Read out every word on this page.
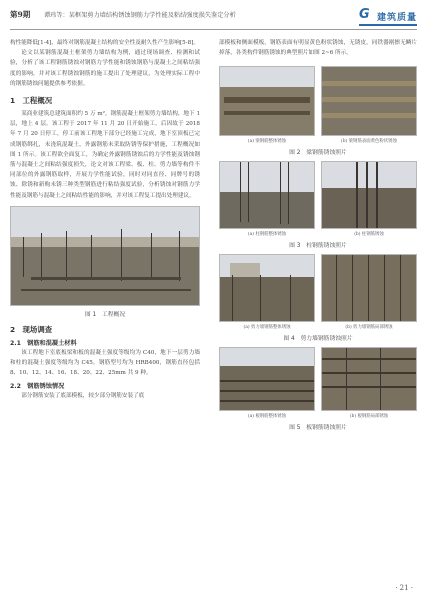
第9期 谭玮等：某框架剪力墙结构锈蚀钢筋力学性能及粘结强度损失鉴定分析	G 建筑质量

构性能降低[1-4]，最终对钢筋混凝土结构的安全性及耐久性产生影响[5-8]。

论文以某钢筋混凝土框架剪力墙结构为例，通过现场调查、检测和试验，分析了该工程钢筋锈蚀对钢筋力学性能和锈蚀钢筋与混凝土之间粘结强度的影响，并对该工程锈蚀钢筋的施工提出了处理建议，为处理实际工程中的钢筋锈蚀问题提供参考依据。

1　工程概况

某商业建筑总建筑面积约 5 万 m²，钢筋混凝土框架剪力墙结构，地下 1 层，地上 4 层。该工程于 2017 年 11 月 20 日开始施工，后因故于 2018 年 7 月 20 日停工，停工前该工程地下部分已经施工完成，地下室顶板已完成钢筋绑扎，未浇筑混凝土，外露钢筋未采取防锈等保护措施，工程概况如图 1 所示。该工程欲全面复工，为确定外露钢筋锈蚀后的力学性能及锈蚀钢筋与混凝土之间粘结强度损失，论文对该工程梁、板、柱、剪力墙等构件不同部位的外露钢筋取样，开展力学性能试验，同时对同直径、同牌号的锈蚀、除锈和新购未锈三种类型钢筋进行粘结强度试验，分析锈蚀对钢筋力学性能及钢筋与混凝土之间粘结性能的影响，并对该工程复工提出处理建议。

图 1　工程概况
2　现场调查
2.1　钢筋和混凝土材料

该工程地下室底板梁和板的混凝土强度等级均为 C40，地下一层剪力墙和柱的混凝土强度等级均为 C45，钢筋型号均为 HRB400，钢筋直径包括 8、10、12、14、16、18、20、22、25mm 共 9 种。

2.2　钢筋锈蚀情况

部分钢筋安装了底部模板，较少部分钢筋安装了底

部模板和侧面模板，钢筋表面有明显黄色粉状锈蚀，无锈皮，同铁器剐擦无鳞片掉落，各类构件钢筋锈蚀的典型照片如图 2~6 所示。

(a) 梁钢筋整体锈蚀	(b) 梁钢筋表面黄色粉状锈蚀
图 2　梁钢筋锈蚀照片
(a) 柱钢筋整体锈蚀	(b) 柱钢筋锈蚀
图 3　柱钢筋锈蚀照片
(a) 剪力墙钢筋整体锈蚀	(b) 剪力墙钢筋局部锈蚀
图 4　剪力墙钢筋锈蚀照片
(a) 板钢筋整体锈蚀	(b) 板钢筋局部锈蚀
图 5　板钢筋锈蚀照片
· 21 ·
